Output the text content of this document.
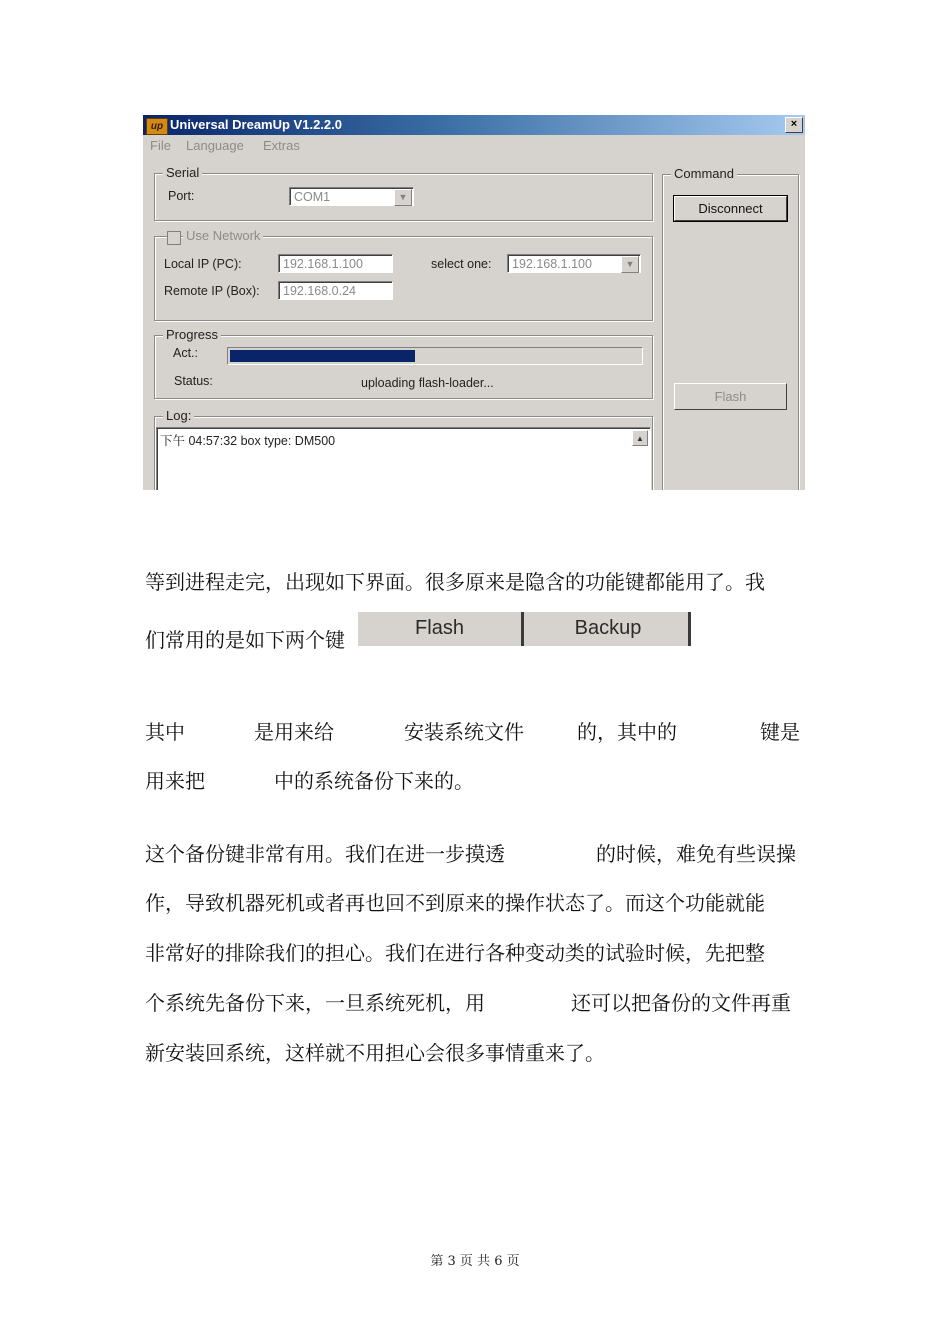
up Universal DreamUp V1.2.2.0	×
File Language Extras
Serial
Port:	COM1	▼
Use Network
Local IP (PC):	192.168.1.100	select one:	192.168.1.100	▼
Remote IP (Box):	192.168.0.24
Progress
Act.:
Status:	uploading flash-loader...
Log:
下午 04:57:32 box type: DM500	▲
Command
Disconnect
Flash
等到进程走完，出现如下界面。很多原来是隐含的功能键都能用了。我
们常用的是如下两个键	Flash	Backup
其中	是用来给	安装系统文件	的，其中的	键是
用来把	中的系统备份下来的。
这个备份键非常有用。我们在进一步摸透	的时候，难免有些误操
作，导致机器死机或者再也回不到原来的操作状态了。而这个功能就能
非常好的排除我们的担心。我们在进行各种变动类的试验时候，先把整
个系统先备份下来，一旦系统死机，用	还可以把备份的文件再重
新安装回系统，这样就不用担心会很多事情重来了。
第 3 页 共 6 页
